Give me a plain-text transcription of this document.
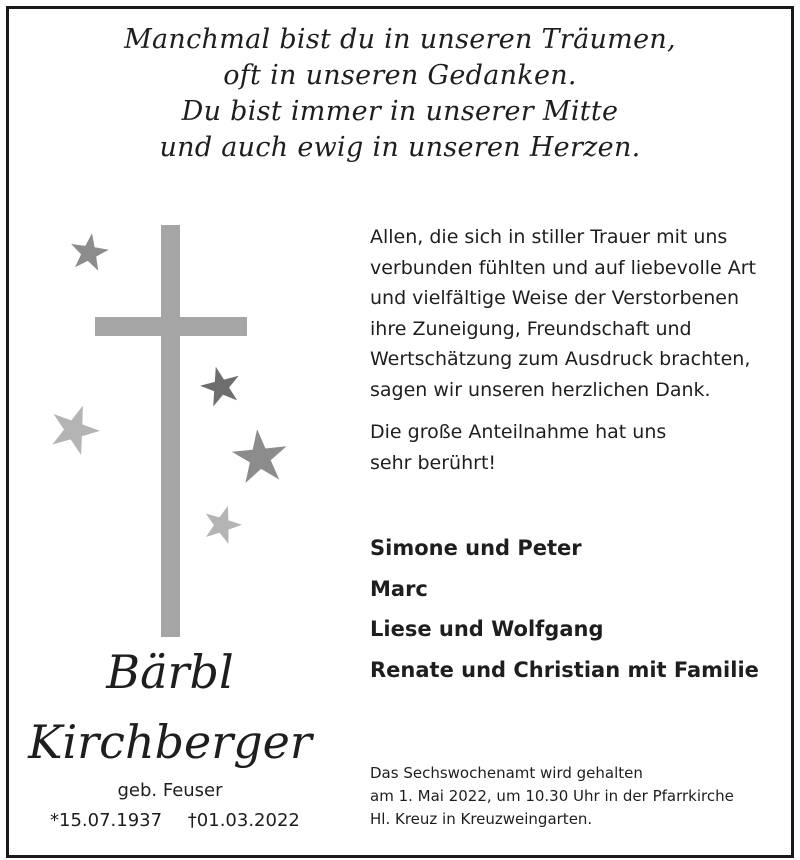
Manchmal bist du in unseren Träumen,
oft in unseren Gedanken.
Du bist immer in unserer Mitte
und auch ewig in unseren Herzen.
Allen, die sich in stiller Trauer mit uns
verbunden fühlten und auf liebevolle Art
und vielfältige Weise der Verstorbenen
ihre Zuneigung, Freundschaft und
Wertschätzung zum Ausdruck brachten,
sagen wir unseren herzlichen Dank.
Die große Anteilnahme hat uns
sehr berührt!
Simone und Peter
Marc
Liese und Wolfgang
Renate und Christian mit Familie
Bärbl
Kirchberger
geb. Feuser
*15.07.1937 †01.03.2022
Das Sechswochenamt wird gehalten
am 1. Mai 2022, um 10.30 Uhr in der Pfarrkirche
Hl. Kreuz in Kreuzweingarten.
